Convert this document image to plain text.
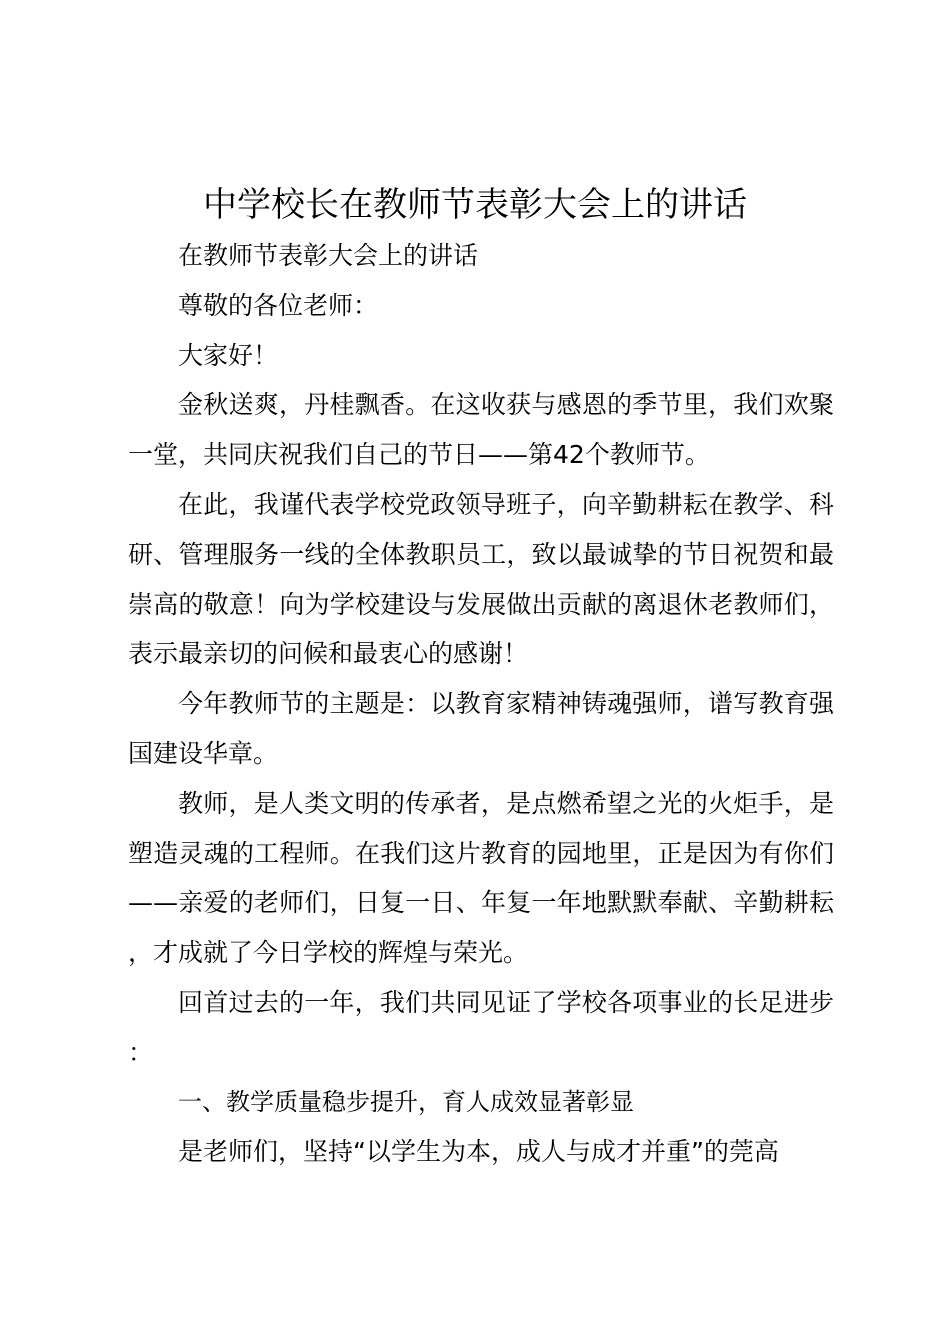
中学校长在教师节表彰大会上的讲话

在教师节表彰大会上的讲话

尊敬的各位老师：

大家好！

金秋送爽，丹桂飘香。在这收获与感恩的季节里，我们欢聚一堂，共同庆祝我们自己的节日——第42个教师节。

在此，我谨代表学校党政领导班子，向辛勤耕耘在教学、科研、管理服务一线的全体教职员工，致以最诚挚的节日祝贺和最崇高的敬意！向为学校建设与发展做出贡献的离退休老教师们，表示最亲切的问候和最衷心的感谢！

今年教师节的主题是：以教育家精神铸魂强师，谱写教育强国建设华章。

教师，是人类文明的传承者，是点燃希望之光的火炬手，是塑造灵魂的工程师。在我们这片教育的园地里，正是因为有你们——亲爱的老师们，日复一日、年复一年地默默奉献、辛勤耕耘，才成就了今日学校的辉煌与荣光。

回首过去的一年，我们共同见证了学校各项事业的长足进步：

一、教学质量稳步提升，育人成效显著彰显

是老师们，坚持“以学生为本，成人与成才并重”的莞高
